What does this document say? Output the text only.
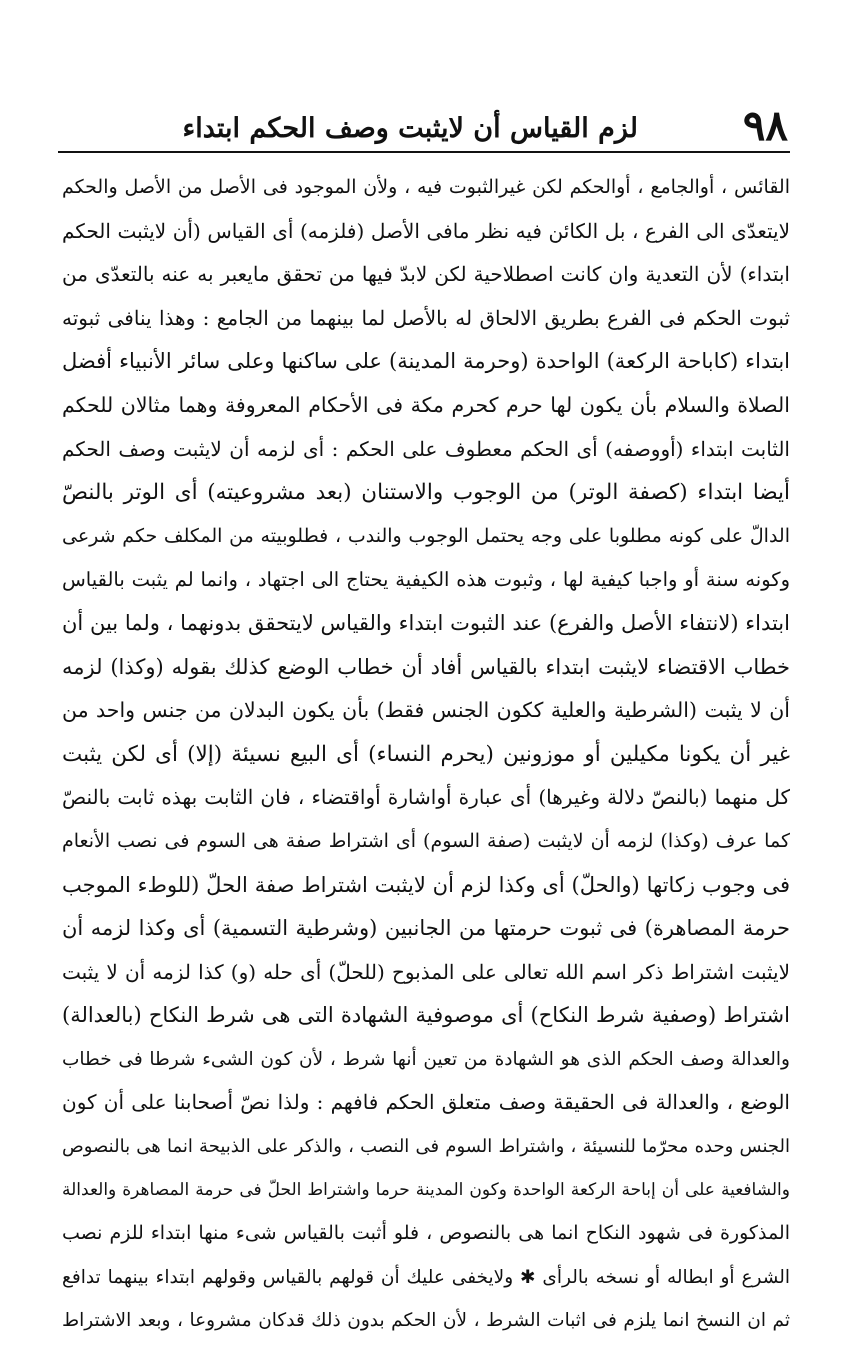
٩٨
لزم القياس أن لايثبت وصف الحكم ابتداء
القائس ، أوالجامع ، أوالحكم لكن غيرالثبوت فيه ، ولأن الموجود فى الأصل من الأصل والحكم
لايتعدّى الى الفرع ، بل الكائن فيه نظر مافى الأصل (فلزمه) أى القياس (أن لايثبت الحكم
ابتداء) لأن التعدية وان كانت اصطلاحية لكن لابدّ فيها من تحقق مايعبر به عنه بالتعدّى من
ثبوت الحكم فى الفرع بطريق الالحاق له بالأصل لما بينهما من الجامع : وهذا ينافى ثبوته
ابتداء (كاباحة الركعة) الواحدة (وحرمة المدينة) على ساكنها وعلى سائر الأنبياء أفضل
الصلاة والسلام بأن يكون لها حرم كحرم مكة فى الأحكام المعروفة وهما مثالان للحكم
الثابت ابتداء (أووصفه) أى الحكم معطوف على الحكم : أى لزمه أن لايثبت وصف الحكم
أيضا ابتداء (كصفة الوتر) من الوجوب والاستنان (بعد مشروعيته) أى الوتر بالنصّ
الدالّ على كونه مطلوبا على وجه يحتمل الوجوب والندب ، فطلوبيته من المكلف حكم شرعى
وكونه سنة أو واجبا كيفية لها ، وثبوت هذه الكيفية يحتاج الى اجتهاد ، وانما لم يثبت بالقياس
ابتداء (لانتفاء الأصل والفرع) عند الثبوت ابتداء والقياس لايتحقق بدونهما ، ولما بين أن
خطاب الاقتضاء لايثبت ابتداء بالقياس أفاد أن خطاب الوضع كذلك بقوله (وكذا) لزمه
أن لا يثبت (الشرطية والعلية ككون الجنس فقط) بأن يكون البدلان من جنس واحد من
غير أن يكونا مكيلين أو موزونين (يحرم النساء) أى البيع نسيئة (إلا) أى لكن يثبت
كل منهما (بالنصّ دلالة وغيرها) أى عبارة أواشارة أواقتضاء ، فان الثابت بهذه ثابت بالنصّ
كما عرف (وكذا) لزمه أن لايثبت (صفة السوم) أى اشتراط صفة هى السوم فى نصب الأنعام
فى وجوب زكاتها (والحلّ) أى وكذا لزم أن لايثبت اشتراط صفة الحلّ (للوطء الموجب
حرمة المصاهرة) فى ثبوت حرمتها من الجانبين (وشرطية التسمية) أى وكذا لزمه أن
لايثبت اشتراط ذكر اسم الله تعالى على المذبوح (للحلّ) أى حله (و) كذا لزمه أن لا يثبت
اشتراط (وصفية شرط النكاح) أى موصوفية الشهادة التى هى شرط النكاح (بالعدالة)
والعدالة وصف الحكم الذى هو الشهادة من تعين أنها شرط ، لأن كون الشىء شرطا فى خطاب
الوضع ، والعدالة فى الحقيقة وصف متعلق الحكم فافهم : ولذا نصّ أصحابنا على أن كون
الجنس وحده محرّما للنسيئة ، واشتراط السوم فى النصب ، والذكر على الذبيحة انما هى بالنصوص
والشافعية على أن إباحة الركعة الواحدة وكون المدينة حرما واشتراط الحلّ فى حرمة المصاهرة والعدالة
المذكورة فى شهود النكاح انما هى بالنصوص ، فلو أثبت بالقياس شىء منها ابتداء للزم نصب
الشرع أو ابطاله أو نسخه بالرأى ✱ ولايخفى عليك أن قولهم بالقياس وقولهم ابتداء بينهما تدافع
ثم ان النسخ انما يلزم فى اثبات الشرط ، لأن الحكم بدون ذلك قدكان مشروعا ، وبعد الاشتراط
